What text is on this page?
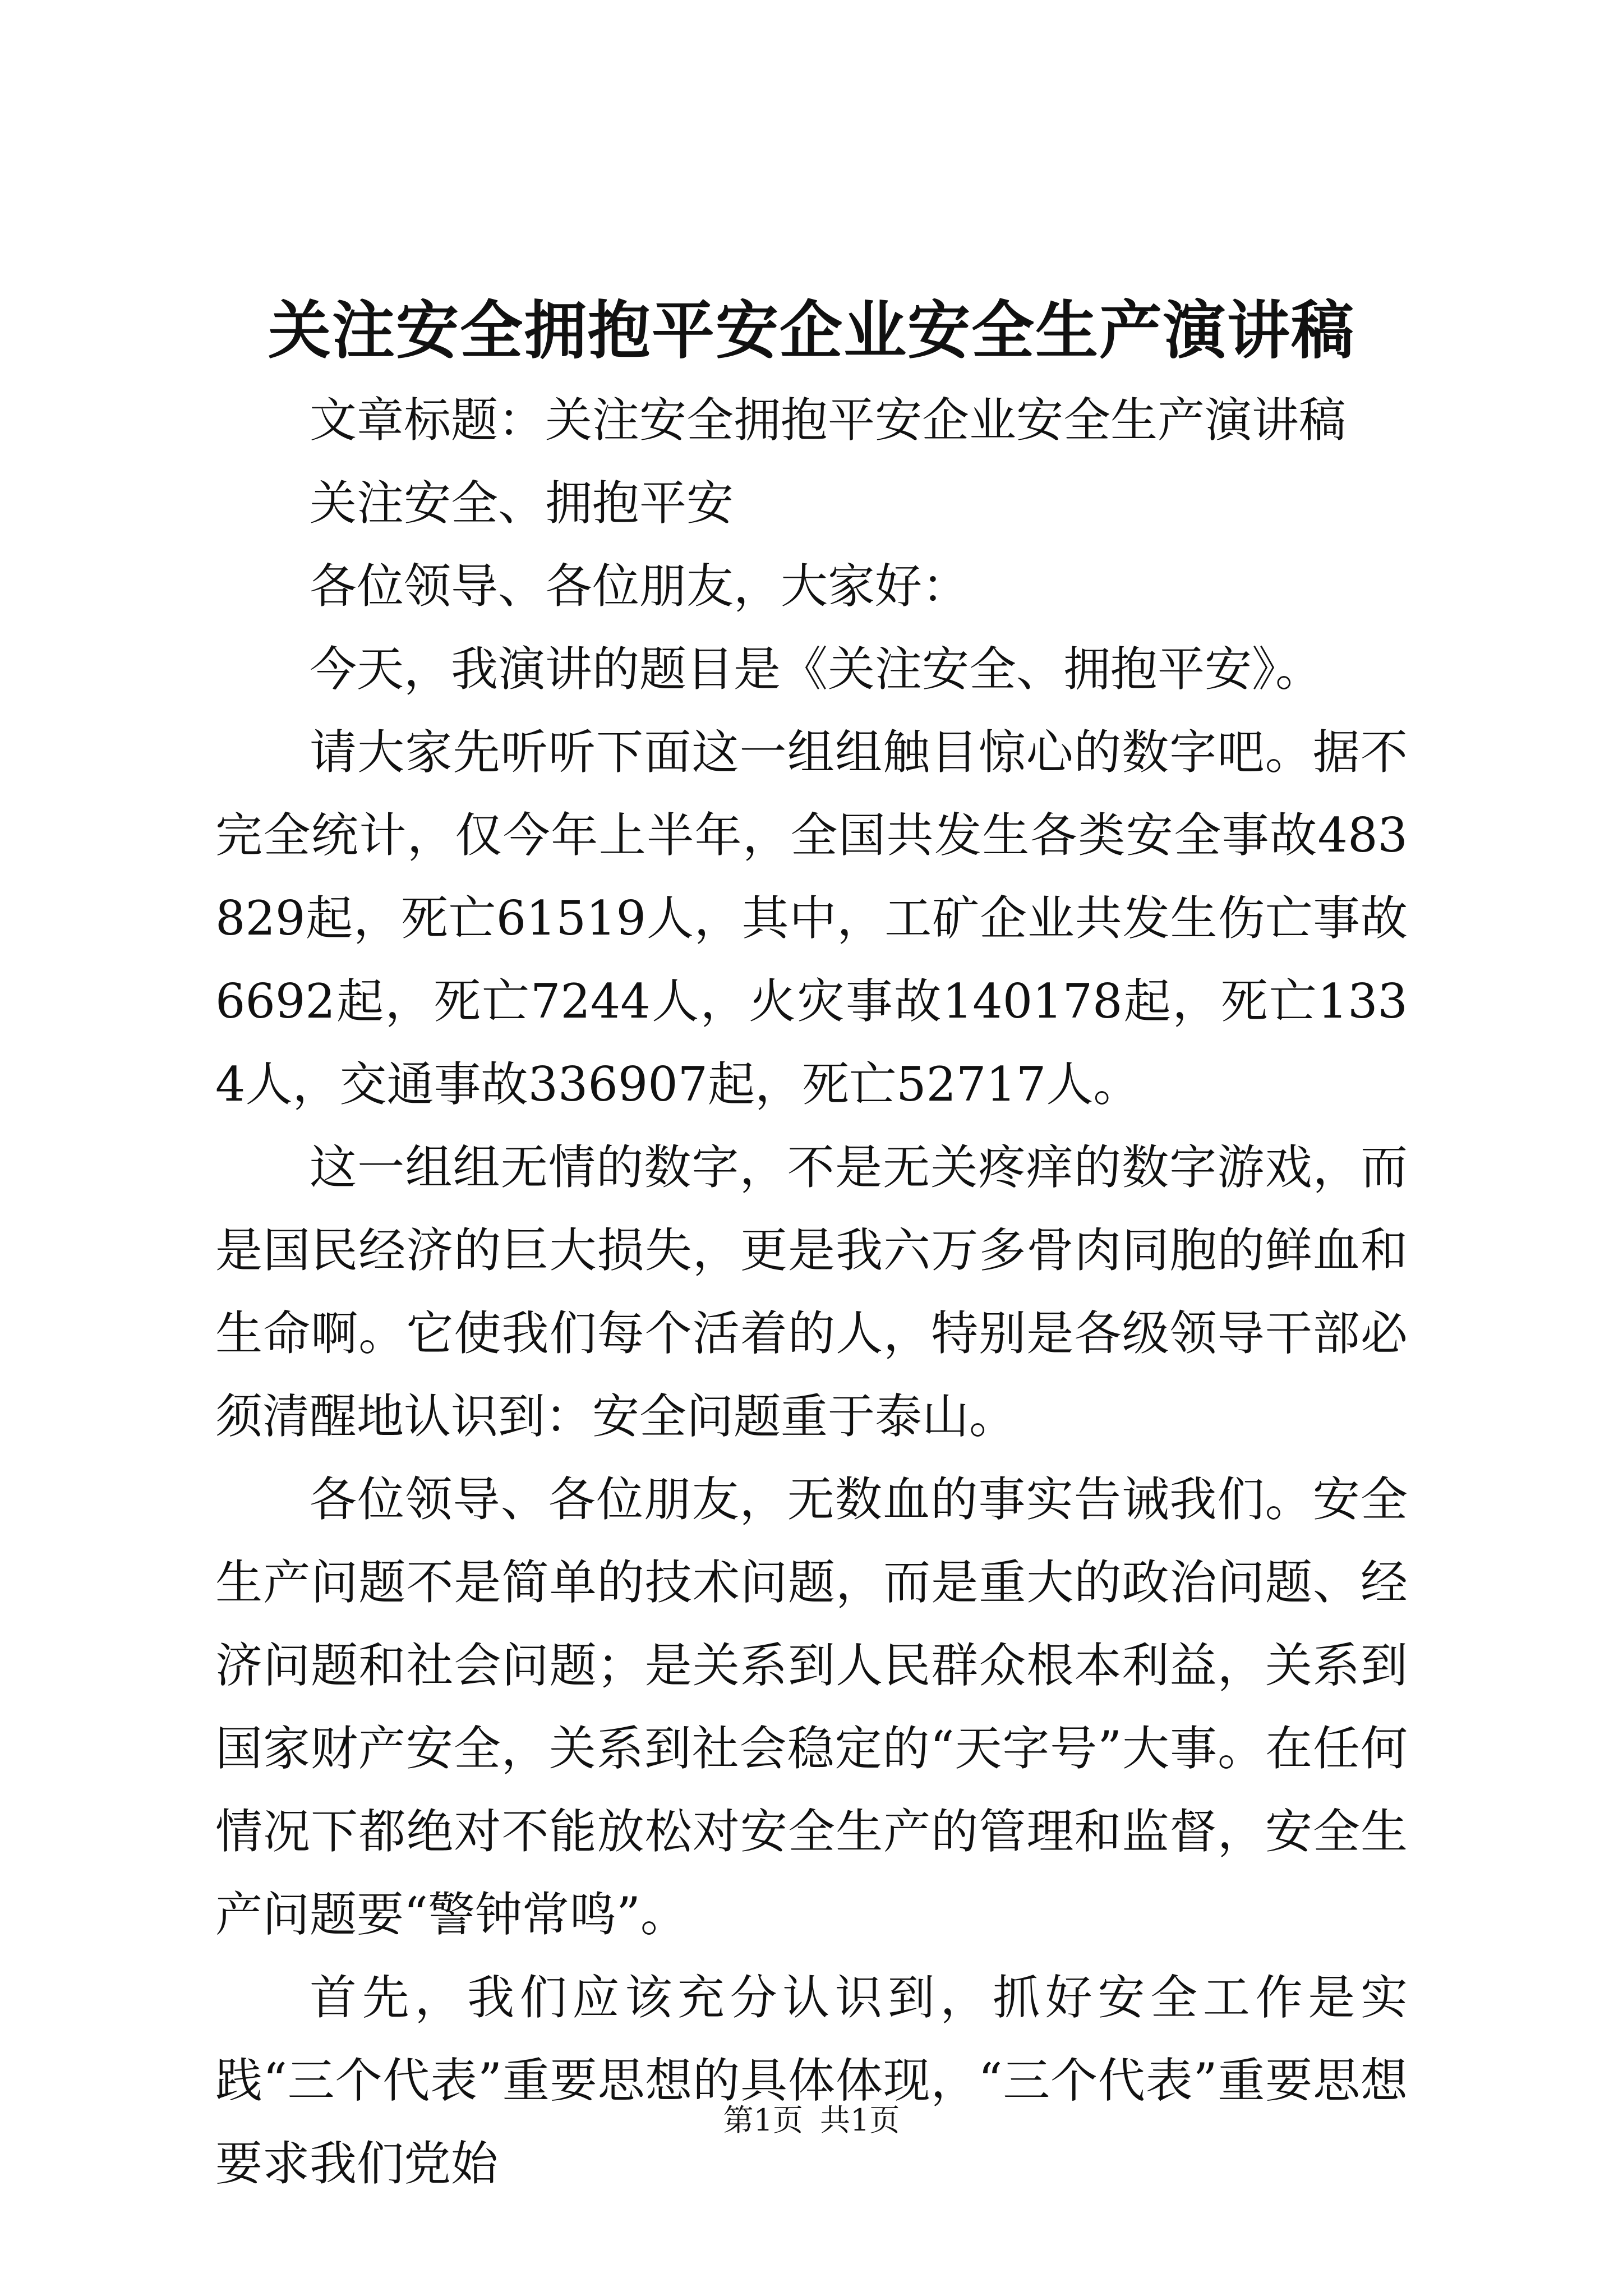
关注安全拥抱平安企业安全生产演讲稿

文章标题：关注安全拥抱平安企业安全生产演讲稿

关注安全、拥抱平安

各位领导、各位朋友，大家好：

今天，我演讲的题目是《关注安全、拥抱平安》。

请大家先听听下面这一组组触目惊心的数字吧。据不完全统计，仅今年上半年，全国共发生各类安全事故483829起，死亡61519人，其中，工矿企业共发生伤亡事故6692起，死亡7244人，火灾事故140178起，死亡1334人，交通事故336907起，死亡52717人。

这一组组无情的数字，不是无关疼痒的数字游戏，而是国民经济的巨大损失，更是我六万多骨肉同胞的鲜血和生命啊。它使我们每个活着的人，特别是各级领导干部必须清醒地认识到：安全问题重于泰山。

各位领导、各位朋友，无数血的事实告诫我们。安全生产问题不是简单的技术问题，而是重大的政治问题、经济问题和社会问题；是关系到人民群众根本利益，关系到国家财产安全，关系到社会稳定的“天字号”大事。在任何情况下都绝对不能放松对安全生产的管理和监督，安全生产问题要“警钟常鸣”。

首先，我们应该充分认识到，抓好安全工作是实践“三个代表”重要思想的具体体现，“三个代表”重要思想要求我们党始

第1页 共1页
